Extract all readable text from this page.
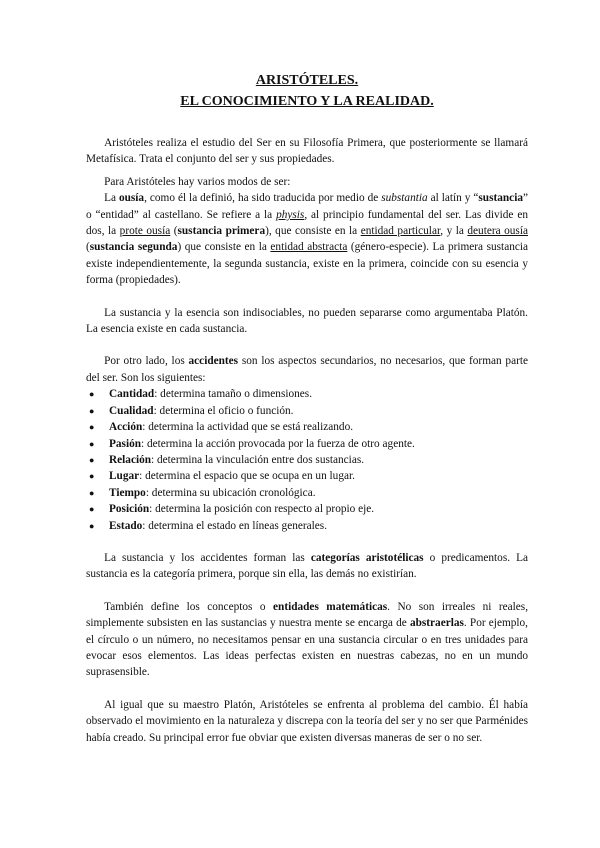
ARISTÓTELES.
EL CONOCIMIENTO Y LA REALIDAD.

Aristóteles realiza el estudio del Ser en su Filosofía Primera, que posteriormente se llamará Metafísica. Trata el conjunto del ser y sus propiedades.

Para Aristóteles hay varios modos de ser:

La ousía, como él la definió, ha sido traducida por medio de substantia al latín y “sustancia” o “entidad” al castellano. Se refiere a la physis, al principio fundamental del ser. Las divide en dos, la prote ousía (sustancia primera), que consiste en la entidad particular, y la deutera ousía (sustancia segunda) que consiste en la entidad abstracta (género-especie). La primera sustancia existe independientemente, la segunda sustancia, existe en la primera, coincide con su esencia y forma (propiedades).

La sustancia y la esencia son indisociables, no pueden separarse como argumentaba Platón. La esencia existe en cada sustancia.

Por otro lado, los accidentes son los aspectos secundarios, no necesarios, que forman parte del ser. Son los siguientes:

● Cantidad: determina tamaño o dimensiones.
● Cualidad: determina el oficio o función.
● Acción: determina la actividad que se está realizando.
● Pasión: determina la acción provocada por la fuerza de otro agente.
● Relación: determina la vinculación entre dos sustancias.
● Lugar: determina el espacio que se ocupa en un lugar.
● Tiempo: determina su ubicación cronológica.
● Posición: determina la posición con respecto al propio eje.
● Estado: determina el estado en líneas generales.

La sustancia y los accidentes forman las categorías aristotélicas o predicamentos. La sustancia es la categoría primera, porque sin ella, las demás no existirían.

También define los conceptos o entidades matemáticas. No son irreales ni reales, simplemente subsisten en las sustancias y nuestra mente se encarga de abstraerlas. Por ejemplo, el círculo o un número, no necesitamos pensar en una sustancia circular o en tres unidades para evocar esos elementos. Las ideas perfectas existen en nuestras cabezas, no en un mundo suprasensible.

Al igual que su maestro Platón, Aristóteles se enfrenta al problema del cambio. Él había observado el movimiento en la naturaleza y discrepa con la teoría del ser y no ser que Parménides había creado. Su principal error fue obviar que existen diversas maneras de ser o no ser.
